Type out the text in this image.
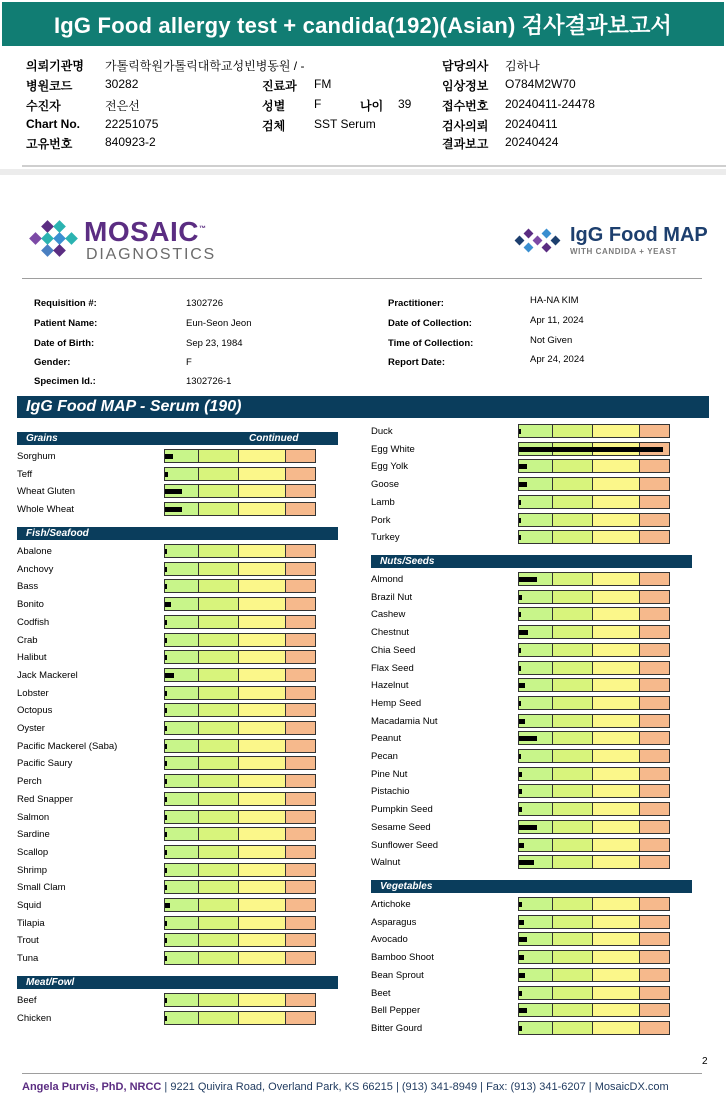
IgG Food allergy test + candida(192)(Asian) 검사결과보고서
의뢰기관명 가톨릭학원가톨릭대학교성빈병동원 / -
병원코드	30282
수진자	전은선
Chart No. 22251075
고유번호	840923-2
진료과 FM
성별 F	나이 39
검체 SST Serum
담당의사 김하나
임상정보 O784M2W70
접수번호 20240411-24478
검사의뢰 20240411
결과보고 20240424
MOSAIC™
DIAGNOSTICS
IgG Food MAP
WITH CANDIDA + YEAST
Requisition #:	1302726
Patient Name:	Eun-Seon Jeon
Date of Birth:	Sep 23, 1984
Gender:	F
Specimen Id.:	1302726-1
Practitioner:	HA-NA KIM
Date of Collection:	Apr 11, 2024
Time of Collection:	Not Given
Report Date:	Apr 24, 2024
IgG Food MAP - Serum (190)
Grains	Continued
Sorghum
Teff
Wheat Gluten
Whole Wheat
Fish/Seafood
Abalone
Anchovy
Bass
Bonito
Codfish
Crab
Halibut
Jack Mackerel
Lobster
Octopus
Oyster
Pacific Mackerel (Saba)
Pacific Saury
Perch
Red Snapper
Salmon
Sardine
Scallop
Shrimp
Small Clam
Squid
Tilapia
Trout
Tuna
Meat/Fowl
Beef
Chicken
Duck
Egg White
Egg Yolk
Goose
Lamb
Pork
Turkey
Nuts/Seeds
Almond
Brazil Nut
Cashew
Chestnut
Chia Seed
Flax Seed
Hazelnut
Hemp Seed
Macadamia Nut
Peanut
Pecan
Pine Nut
Pistachio
Pumpkin Seed
Sesame Seed
Sunflower Seed
Walnut
Vegetables
Artichoke
Asparagus
Avocado
Bamboo Shoot
Bean Sprout
Beet
Bell Pepper
Bitter Gourd
2
Angela Purvis, PhD, NRCC | 9221 Quivira Road, Overland Park, KS 66215 | (913) 341-8949 | Fax: (913) 341-6207 | MosaicDX.com
